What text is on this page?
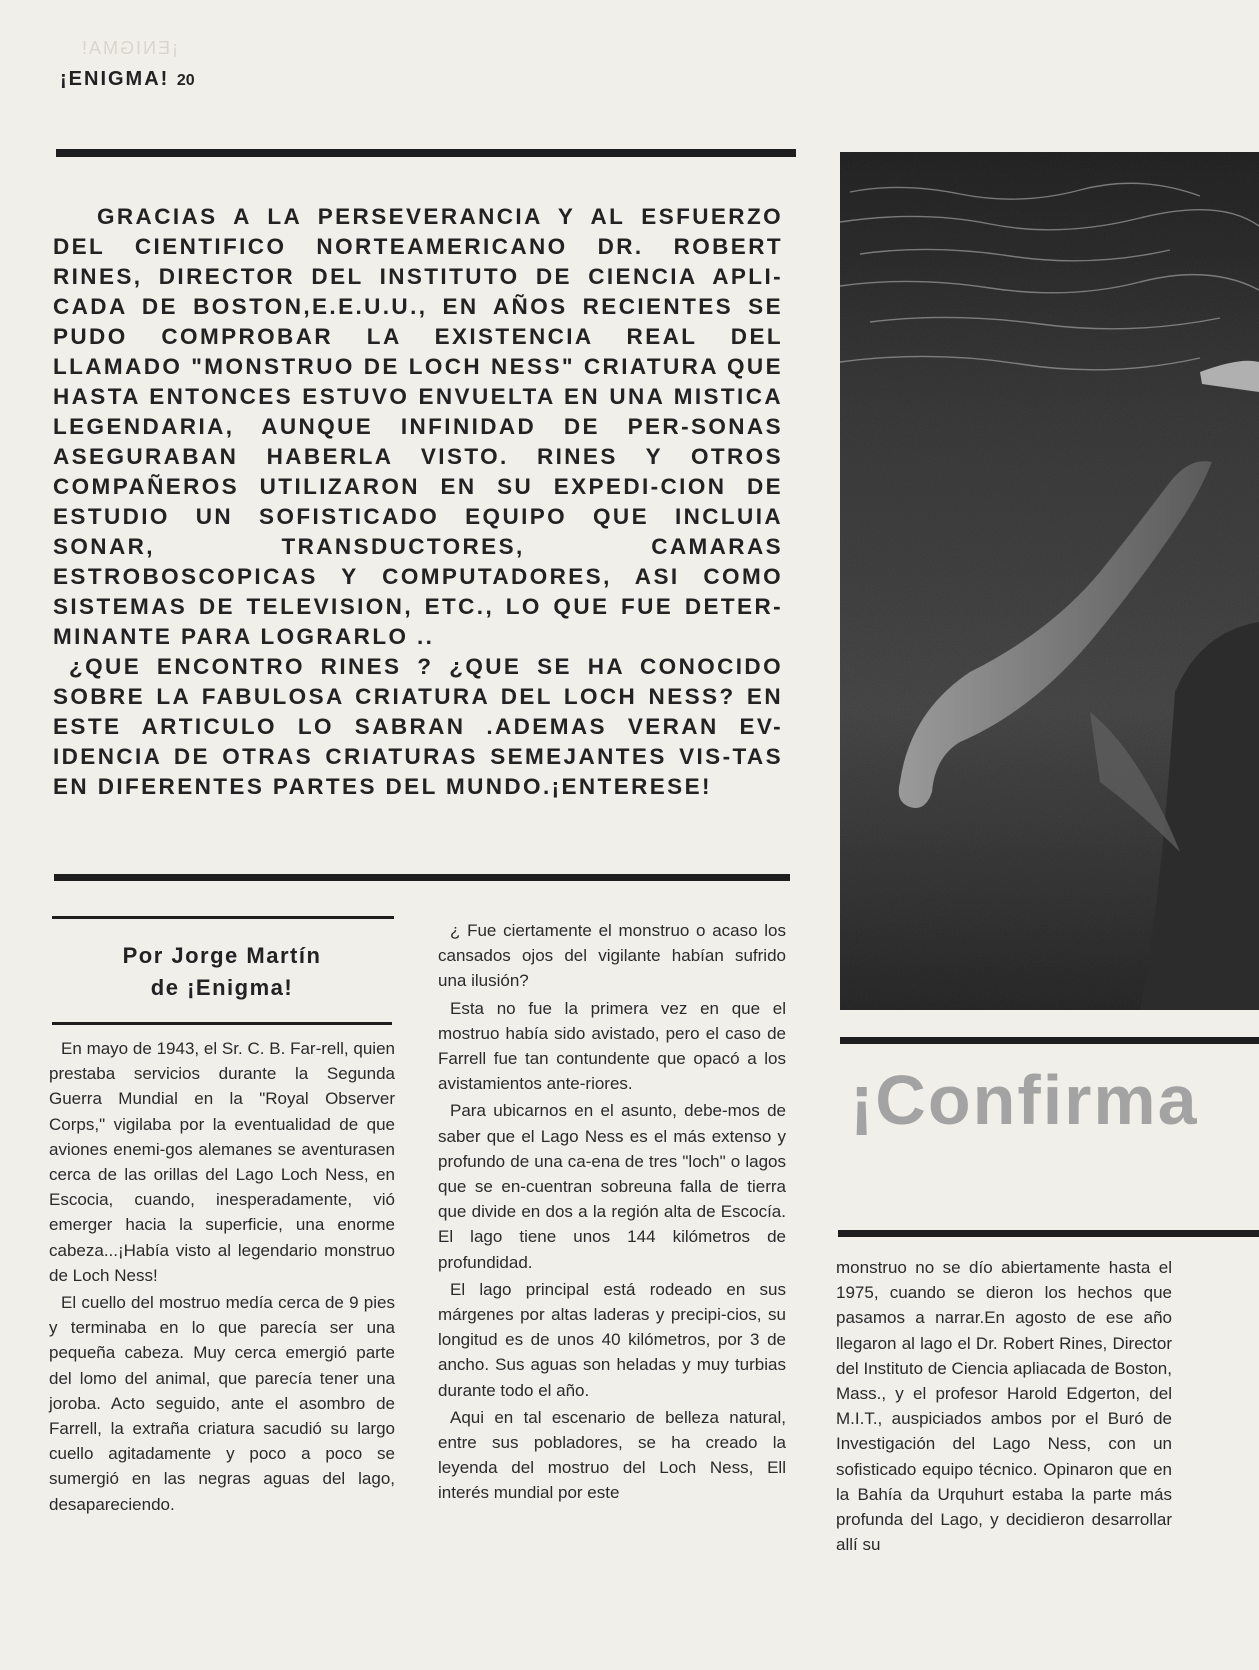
¡ENIGMA!
¡ENIGMA! 20

GRACIAS A LA PERSEVERANCIA Y AL ESFUERZO DEL CIENTIFICO NORTEAMERICANO DR. ROBERT RINES, DIRECTOR DEL INSTITUTO DE CIENCIA APLI-CADA DE BOSTON,E.E.U.U., EN AÑOS RECIENTES SE PUDO COMPROBAR LA EXISTENCIA REAL DEL LLAMADO "MONSTRUO DE LOCH NESS" CRIATURA QUE HASTA ENTONCES ESTUVO ENVUELTA EN UNA MISTICA LEGENDARIA, AUNQUE INFINIDAD DE PER-SONAS ASEGURABAN HABERLA VISTO. RINES Y OTROS COMPAÑEROS UTILIZARON EN SU EXPEDI-CION DE ESTUDIO UN SOFISTICADO EQUIPO QUE INCLUIA SONAR, TRANSDUCTORES, CAMARAS ESTROBOSCOPICAS Y COMPUTADORES, ASI COMO SISTEMAS DE TELEVISION, ETC., LO QUE FUE DETER-MINANTE PARA LOGRARLO ..

¿QUE ENCONTRO RINES ? ¿QUE SE HA CONOCIDO SOBRE LA FABULOSA CRIATURA DEL LOCH NESS? EN ESTE ARTICULO LO SABRAN .ADEMAS VERAN EV-IDENCIA DE OTRAS CRIATURAS SEMEJANTES VIS-TAS EN DIFERENTES PARTES DEL MUNDO.¡ENTERESE!

Por Jorge Martín
de ¡Enigma!

En mayo de 1943, el Sr. C. B. Far-rell, quien prestaba servicios durante la Segunda Guerra Mundial en la "Royal Observer Corps," vigilaba por la eventualidad de que aviones enemi-gos alemanes se aventurasen cerca de las orillas del Lago Loch Ness, en Escocia, cuando, inesperadamente, vió emerger hacia la superficie, una enorme cabeza...¡Había visto al legendario monstruo de Loch Ness!

El cuello del mostruo medía cerca de 9 pies y terminaba en lo que parecía ser una pequeña cabeza. Muy cerca emergió parte del lomo del animal, que parecía tener una joroba. Acto seguido, ante el asombro de Farrell, la extraña criatura sacudió su largo cuello agitadamente y poco a poco se sumergió en las negras aguas del lago, desapareciendo.

¿ Fue ciertamente el monstruo o acaso los cansados ojos del vigilante habían sufrido una ilusión?

Esta no fue la primera vez en que el mostruo había sido avistado, pero el caso de Farrell fue tan contundente que opacó a los avistamientos ante-riores.

Para ubicarnos en el asunto, debe-mos de saber que el Lago Ness es el más extenso y profundo de una ca-ena de tres "loch" o lagos que se en-cuentran sobreuna falla de tierra que divide en dos a la región alta de Escocía. El lago tiene unos 144 kilómetros de profundidad.

El lago principal está rodeado en sus márgenes por altas laderas y precipi-cios, su longitud es de unos 40 kilómetros, por 3 de ancho. Sus aguas son heladas y muy turbias durante todo el año.

Aqui en tal escenario de belleza natural, entre sus pobladores, se ha creado la leyenda del mostruo del Loch Ness, Ell interés mundial por este

¡Confirma

monstruo no se dío abiertamente hasta el 1975, cuando se dieron los hechos que pasamos a narrar.En agosto de ese año llegaron al lago el Dr. Robert Rines, Director del Instituto de Ciencia apliacada de Boston, Mass., y el profesor Harold Edgerton, del M.I.T., auspiciados ambos por el Buró de Investigación del Lago Ness, con un sofisticado equipo técnico. Opinaron que en la Bahía da Urquhurt estaba la parte más profunda del Lago, y decidieron desarrollar allí su
